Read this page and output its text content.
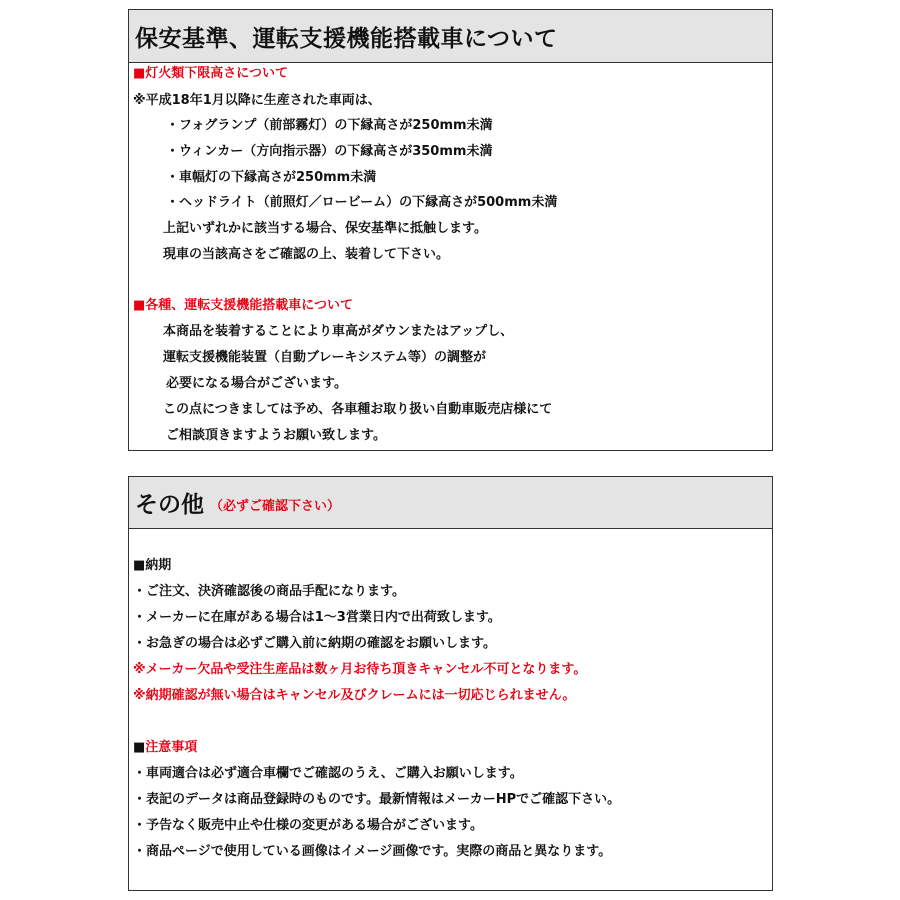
保安基準、運転支援機能搭載車について
■灯火類下限高さについて
※平成18年1月以降に生産された車両は、
・フォグランプ（前部霧灯）の下縁高さが250mm未満
・ウィンカー（方向指示器）の下縁高さが350mm未満
・車幅灯の下縁高さが250mm未満
・ヘッドライト（前照灯／ロービーム）の下縁高さが500mm未満
上記いずれかに該当する場合、保安基準に抵触します。
現車の当該高さをご確認の上、装着して下さい。
■各種、運転支援機能搭載車について
本商品を装着することにより車高がダウンまたはアップし、
運転支援機能装置（自動ブレーキシステム等）の調整が
必要になる場合がございます。
この点につきましては予め、各車種お取り扱い自動車販売店様にて
ご相談頂きますようお願い致します。
その他 （必ずご確認下さい）
■納期
・ご注文、決済確認後の商品手配になります。
・メーカーに在庫がある場合は1～3営業日内で出荷致します。
・お急ぎの場合は必ずご購入前に納期の確認をお願いします。
※メーカー欠品や受注生産品は数ヶ月お待ち頂きキャンセル不可となります。
※納期確認が無い場合はキャンセル及びクレームには一切応じられません。
■注意事項
・車両適合は必ず適合車欄でご確認のうえ、ご購入お願いします。
・表記のデータは商品登録時のものです。最新情報はメーカーHPでご確認下さい。
・予告なく販売中止や仕様の変更がある場合がございます。
・商品ページで使用している画像はイメージ画像です。実際の商品と異なります。
